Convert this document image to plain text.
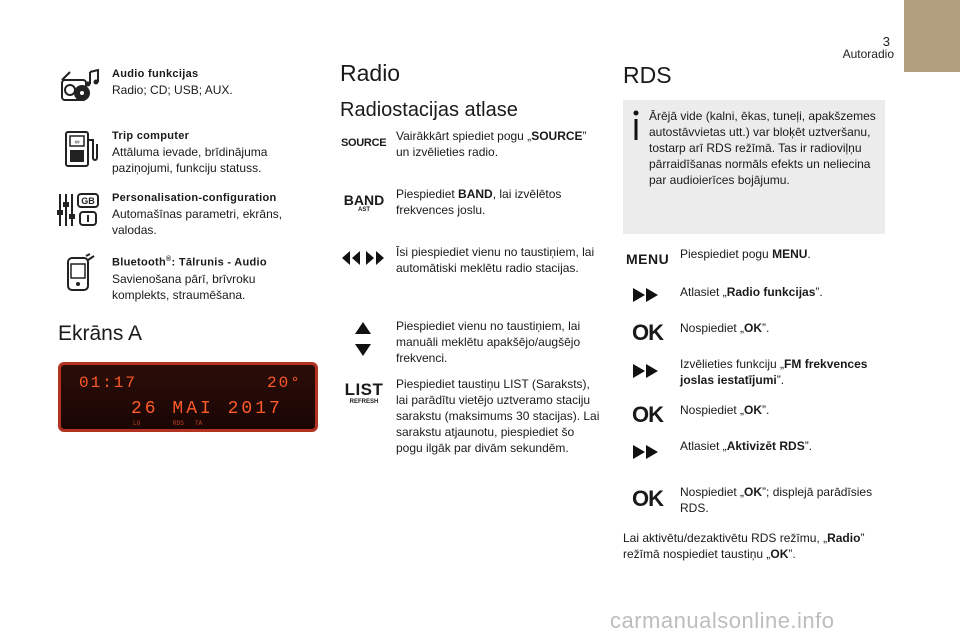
3
Autoradio
Audio funkcijas
Radio; CD; USB; AUX.
∞
Trip computer
Attāluma ievade, brīdinājuma paziņojumi, funkciju statuss.
GB Personalisation-configuration
Automašīnas parametri, ekrāns, valodas.
Bluetooth®: Tālrunis - Audio
Savienošana pārī, brīvroku komplekts, straumēšana.
Ekrāns A
01:17	20°
26 MAI 2017
LO	RDS TA
Radio
Radiostacijas atlase
SOURCE Vairākkārt spiediet pogu „SOURCE” un izvēlieties radio.
BAND
AST
Piespiediet BAND, lai izvēlētos frekvences joslu.
Īsi piespiediet vienu no taustiņiem, lai automātiski meklētu radio stacijas.
Piespiediet vienu no taustiņiem, lai manuāli meklētu apakšējo/augšējo frekvenci.
LIST
REFRESH
Piespiediet taustiņu LIST (Saraksts), lai parādītu vietējo uztveramo staciju sarakstu (maksimums 30 stacijas). Lai sarakstu atjaunotu, piespiediet šo pogu ilgāk par divām sekundēm.
RDS
Ārējā vide (kalni, ēkas, tuneļi, apakšzemes autostāvvietas utt.) var bloķēt uztveršanu, tostarp arī RDS režīmā. Tas ir radioviļņu pārraidīšanas normāls efekts un neliecina par audioierīces bojājumu.
MENU Piespiediet pogu MENU.
Atlasiet „Radio funkcijas”.
OK Nospiediet „OK”.
Izvēlieties funkciju „FM frekvences joslas iestatījumi”.
OK Nospiediet „OK”.
Atlasiet „Aktivizēt RDS”.
OK Nospiediet „OK”; displejā parādīsies RDS.
Lai aktivētu/dezaktivētu RDS režīmu, „Radio” režīmā nospiediet taustiņu „OK”.
carmanualsonline.info
